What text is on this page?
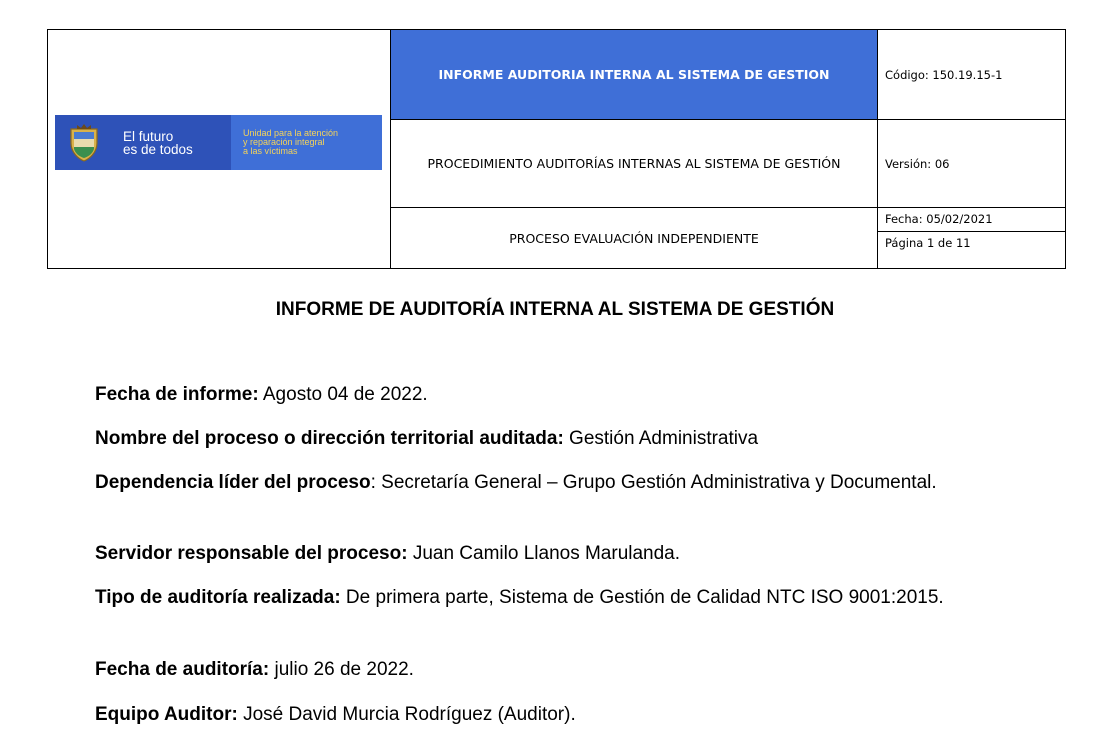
El futuro
es de todos
Unidad para la atención
y reparación integral
a las víctimas	INFORME AUDITORIA INTERNA AL SISTEMA DE GESTION	Código: 150.19.15-1
	PROCEDIMIENTO AUDITORÍAS INTERNAS AL SISTEMA DE GESTIÓN	Versión: 06
	PROCESO EVALUACIÓN INDEPENDIENTE	Fecha: 05/02/2021
Página 1 de 11
INFORME DE AUDITORÍA INTERNA AL SISTEMA DE GESTIÓN
Fecha de informe: Agosto 04 de 2022.
Nombre del proceso o dirección territorial auditada: Gestión Administrativa
Dependencia líder del proceso: Secretaría General – Grupo Gestión Administrativa y Documental.
Servidor responsable del proceso: Juan Camilo Llanos Marulanda.
Tipo de auditoría realizada: De primera parte, Sistema de Gestión de Calidad NTC ISO 9001:2015.
Fecha de auditoría: julio 26 de 2022.
Equipo Auditor: José David Murcia Rodríguez (Auditor).
